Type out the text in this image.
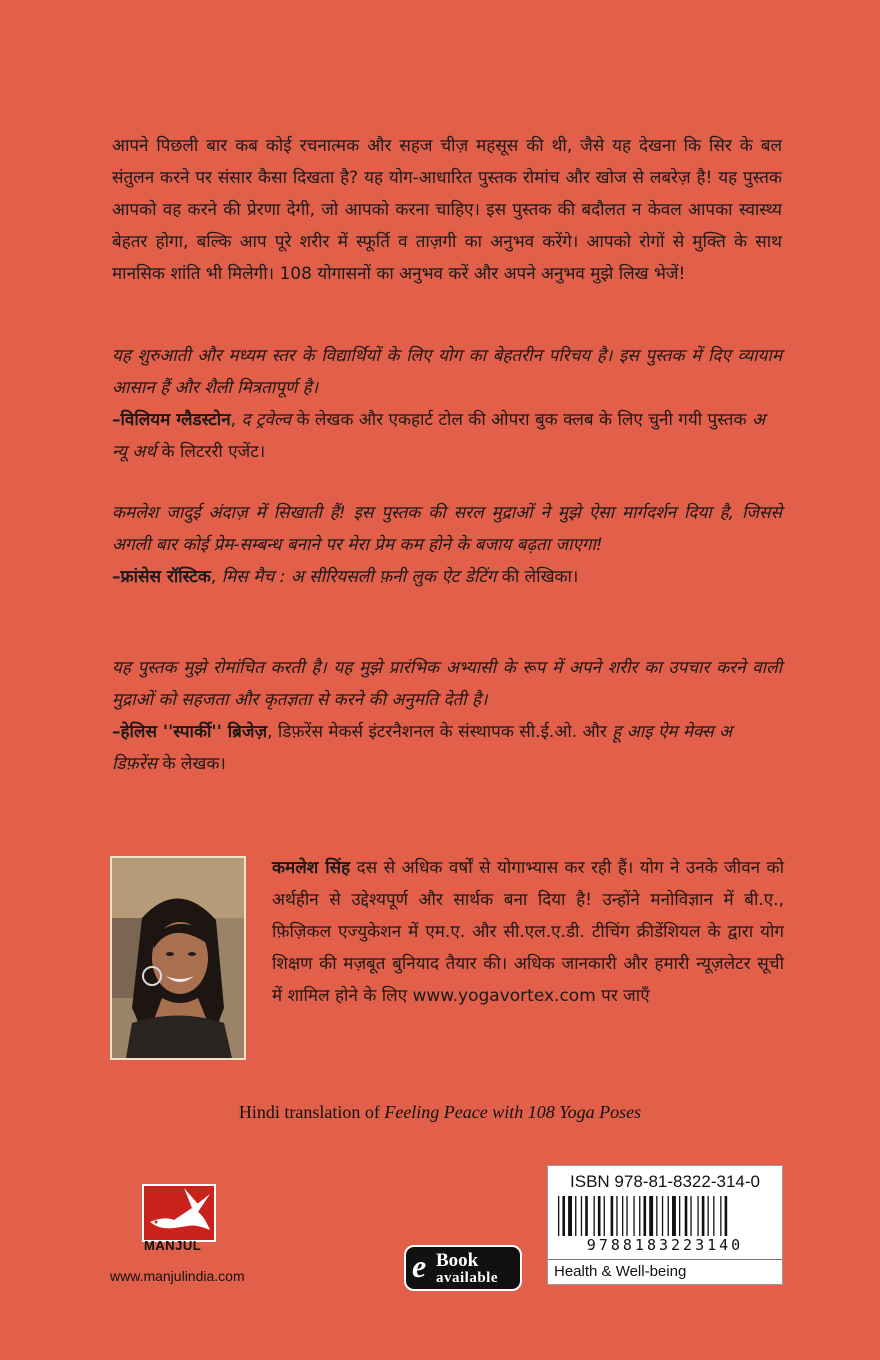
आपने पिछली बार कब कोई रचनात्मक और सहज चीज़ महसूस की थी, जैसे यह देखना कि सिर के बल संतुलन करने पर संसार कैसा दिखता है? यह योग-आधारित पुस्तक रोमांच और खोज से लबरेज़ है! यह पुस्तक आपको वह करने की प्रेरणा देगी, जो आपको करना चाहिए। इस पुस्तक की बदौलत न केवल आपका स्वास्थ्य बेहतर होगा, बल्कि आप पूरे शरीर में स्फूर्ति व ताज़गी का अनुभव करेंगे। आपको रोगों से मुक्ति के साथ मानसिक शांति भी मिलेगी। 108 योगासनों का अनुभव करें और अपने अनुभव मुझे लिख भेजें!

यह शुरुआती और मध्यम स्तर के विद्यार्थियों के लिए योग का बेहतरीन परिचय है। इस पुस्तक में दिए व्यायाम आसान हैं और शैली मित्रतापूर्ण है।

–विलियम ग्लैडस्टोन, द ट्रवेल्व के लेखक और एकहार्ट टोल की ओपरा बुक क्लब के लिए चुनी गयी पुस्तक अ न्यू अर्थ के लिटररी एजेंट।

कमलेश जादुई अंदाज़ में सिखाती हैं! इस पुस्तक की सरल मुद्राओं ने मुझे ऐसा मार्गदर्शन दिया है, जिससे अगली बार कोई प्रेम-सम्बन्ध बनाने पर मेरा प्रेम कम होने के बजाय बढ़ता जाएगा!

–फ्रांसेस रॉस्टिक, मिस मैच : अ सीरियसली फ़नी लुक ऐट डेटिंग की लेखिका।

यह पुस्तक मुझे रोमांचित करती है। यह मुझे प्रारंभिक अभ्यासी के रूप में अपने शरीर का उपचार करने वाली मुद्राओं को सहजता और कृतज्ञता से करने की अनुमति देती है।

–हेलिस ''स्पार्की'' ब्रिजेज़, डिफ़रेंस मेकर्स इंटरनैशनल के संस्थापक सी.ई.ओ. और हू आइ ऐम मेक्स अ डिफ़रेंस के लेखक।

कमलेश सिंह दस से अधिक वर्षों से योगाभ्यास कर रही हैं। योग ने उनके जीवन को अर्थहीन से उद्देश्यपूर्ण और सार्थक बना दिया है! उन्होंने मनोविज्ञान में बी.ए., फ़िज़िकल एज्युकेशन में एम.ए. और सी.एल.ए.डी. टीचिंग क्रीडेंशियल के द्वारा योग शिक्षण की मज़बूत बुनियाद तैयार की। अधिक जानकारी और हमारी न्यूज़लेटर सूची में शामिल होने के लिए www.yogavortex.com पर जाएँ

Hindi translation of Feeling Peace with 108 Yoga Poses
MANJUL
www.manjulindia.com	e Book
available
ISBN 978-81-8322-314-0
9788183223140
Health & Well-being
